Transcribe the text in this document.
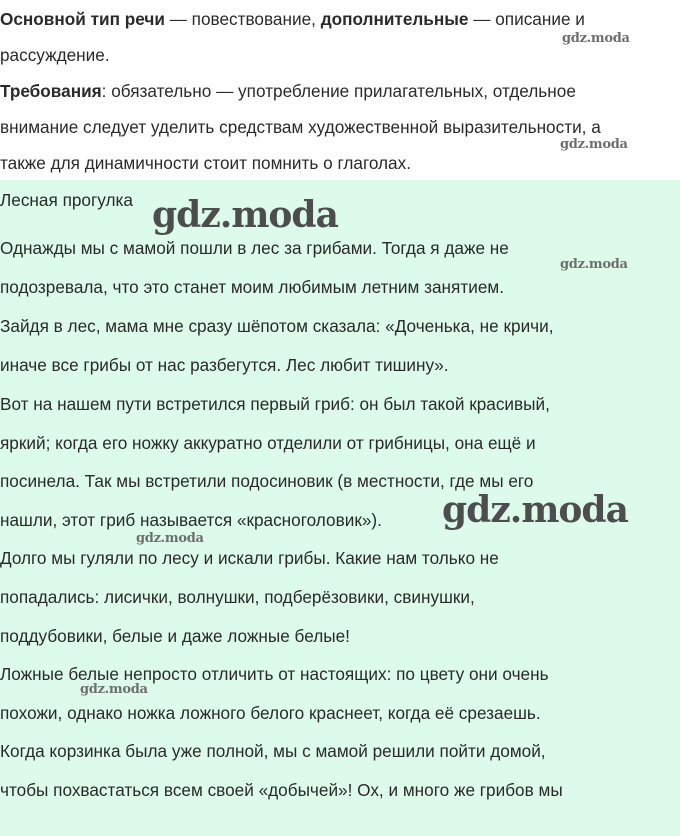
Основной тип речи — повествование, дополнительные — описание и
рассуждение.
Требования: обязательно — употребление прилагательных, отдельное
внимание следует уделить средствам художественной выразительности, а
также для динамичности стоит помнить о глаголах.
Лесная прогулка
Однажды мы с мамой пошли в лес за грибами. Тогда я даже не
подозревала, что это станет моим любимым летним занятием.
Зайдя в лес, мама мне сразу шёпотом сказала: «Доченька, не кричи,
иначе все грибы от нас разбегутся. Лес любит тишину».
Вот на нашем пути встретился первый гриб: он был такой красивый,
яркий; когда его ножку аккуратно отделили от грибницы, она ещё и
посинела. Так мы встретили подосиновик (в местности, где мы его
нашли, этот гриб называется «красноголовик»).
Долго мы гуляли по лесу и искали грибы. Какие нам только не
попадались: лисички, волнушки, подберёзовики, свинушки,
поддубовики, белые и даже ложные белые!
Ложные белые непросто отличить от настоящих: по цвету они очень
похожи, однако ножка ложного белого краснеет, когда её срезаешь.
Когда корзинка была уже полной, мы с мамой решили пойти домой,
чтобы похвастаться всем своей «добычей»! Ох, и много же грибов мы
gdz.moda
gdz.moda
gdz.moda
gdz.moda
gdz.moda
gdz.moda
gdz.moda
